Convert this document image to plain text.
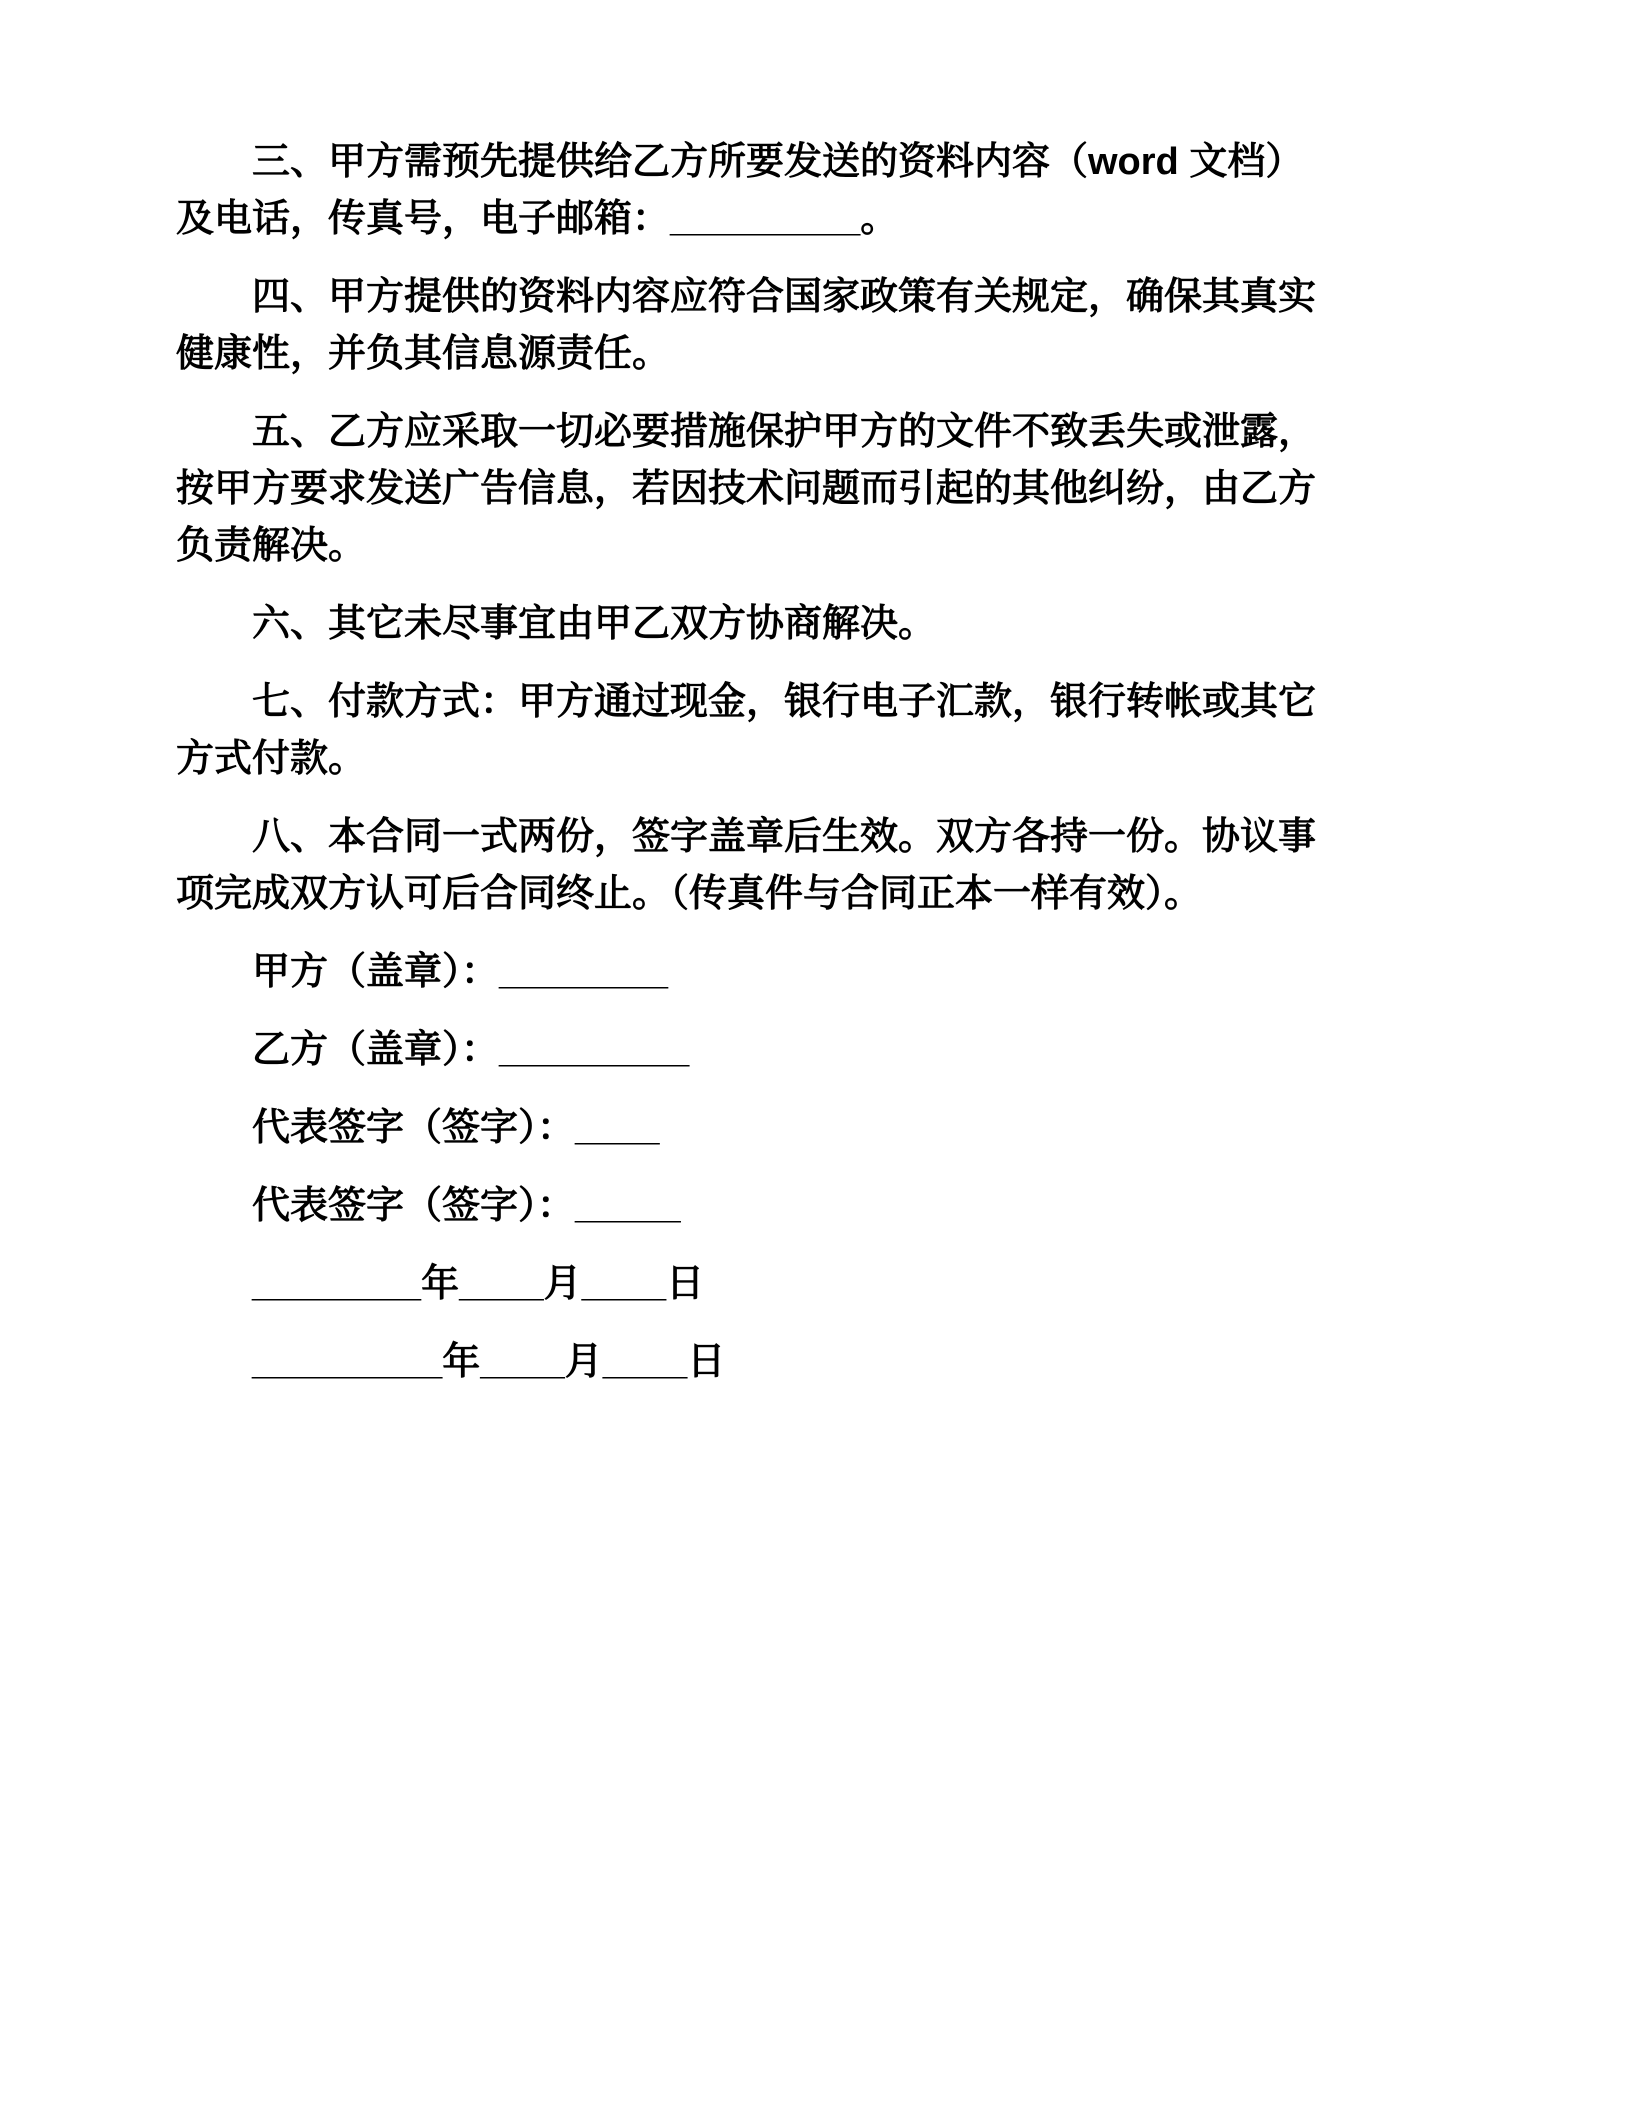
三、甲方需预先提供给乙方所要发送的资料内容（word 文档）
及电话，传真号，电子邮箱：_________。

四、甲方提供的资料内容应符合国家政策有关规定，确保其真实
健康性，并负其信息源责任。

五、乙方应采取一切必要措施保护甲方的文件不致丢失或泄露，
按甲方要求发送广告信息，若因技术问题而引起的其他纠纷，由乙方
负责解决。

六、其它未尽事宜由甲乙双方协商解决。

七、付款方式：甲方通过现金，银行电子汇款，银行转帐或其它
方式付款。

八、本合同一式两份，签字盖章后生效。双方各持一份。协议事
项完成双方认可后合同终止。（传真件与合同正本一样有效）。

甲方（盖章）：________

乙方（盖章）：_________

代表签字（签字）：____

代表签字（签字）：_____

________年____月____日

_________年____月____日
